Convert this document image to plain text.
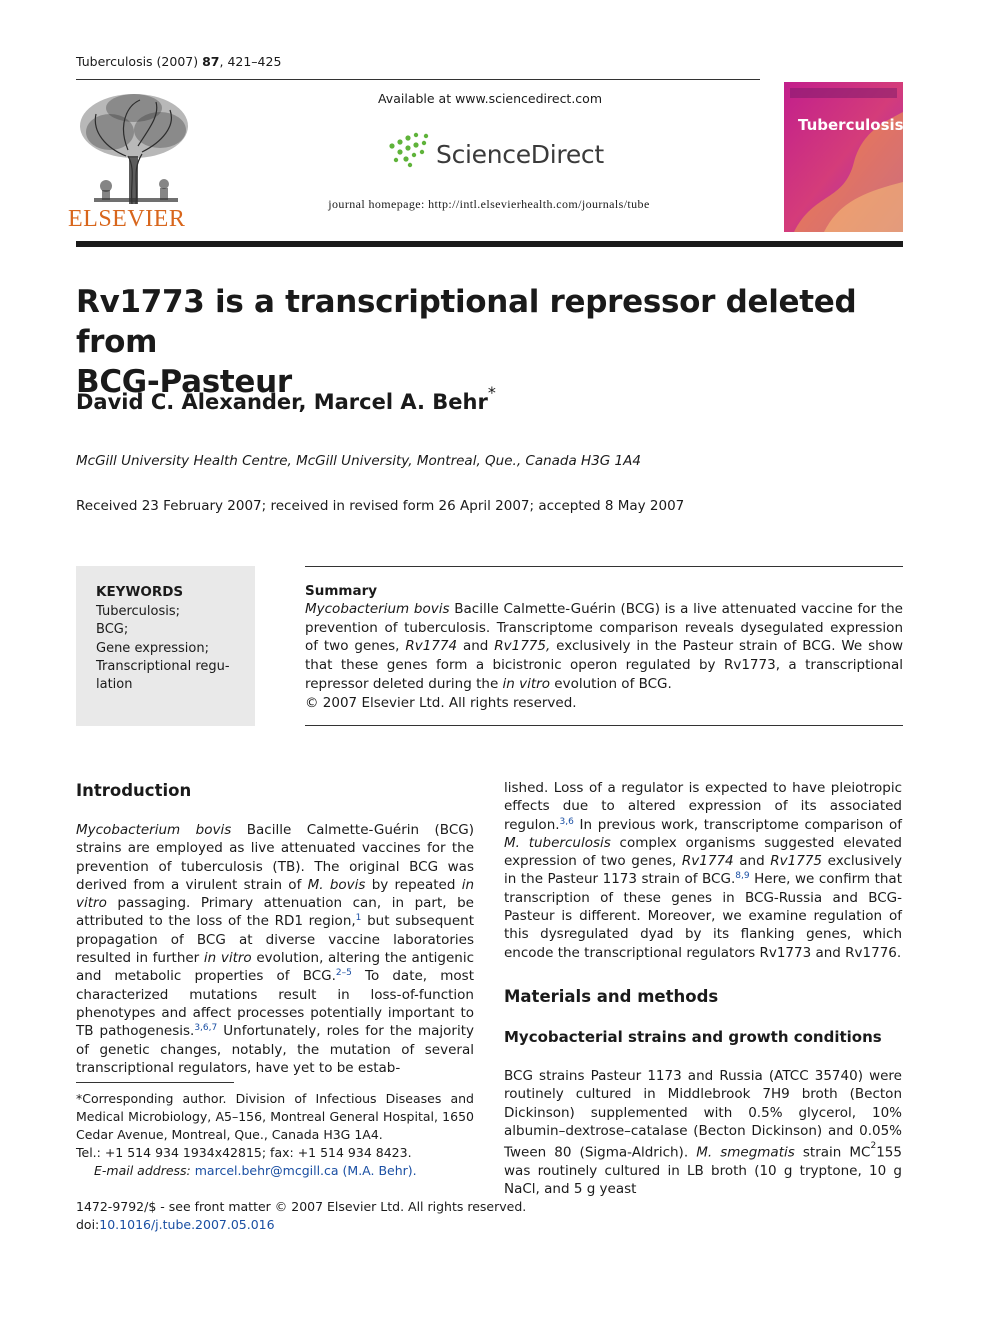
Tuberculosis (2007) 87, 421–425
ELSEVIER
Available at www.sciencedirect.com
ScienceDirect
journal homepage: http://intl.elsevierhealth.com/journals/tube
Tuberculosis
Rv1773 is a transcriptional repressor deleted from
BCG-Pasteur
David C. Alexander, Marcel A. Behr*
McGill University Health Centre, McGill University, Montreal, Que., Canada H3G 1A4
Received 23 February 2007; received in revised form 26 April 2007; accepted 8 May 2007
KEYWORDS
Tuberculosis;
BCG;
Gene expression;
Transcriptional regu-
lation
Summary
Mycobacterium bovis Bacille Calmette-Guérin (BCG) is a live attenuated vaccine for the prevention of tuberculosis. Transcriptome comparison reveals dysegulated expression of two genes, Rv1774 and Rv1775, exclusively in the Pasteur strain of BCG. We show that these genes form a bicistronic operon regulated by Rv1773, a transcriptional repressor deleted during the in vitro evolution of BCG.
© 2007 Elsevier Ltd. All rights reserved.
Introduction
Mycobacterium bovis Bacille Calmette-Guérin (BCG) strains are employed as live attenuated vaccines for the prevention of tuberculosis (TB). The original BCG was derived from a virulent strain of M. bovis by repeated in vitro passaging. Primary attenuation can, in part, be attributed to the loss of the RD1 region,$^1$ but subsequent propagation of BCG at diverse vaccine laboratories resulted in further in vitro evolution, altering the antigenic and metabolic properties of BCG.$^{2-5}$ To date, most characterized mutations result in loss-of-function phenotypes and affect processes potentially important to TB pathogenesis.$^{3,6,7}$ Unfortunately, roles for the majority of genetic changes, notably, the mutation of several transcriptional regulators, have yet to be estab-
lished. Loss of a regulator is expected to have pleiotropic effects due to altered expression of its associated regulon.$^{3,6}$ In previous work, transcriptome comparison of M. tuberculosis complex organisms suggested elevated expression of two genes, Rv1774 and Rv1775 exclusively in the Pasteur 1173 strain of BCG.$^{8,9}$ Here, we confirm that transcription of these genes in BCG-Russia and BCG-Pasteur is different. Moreover, we examine regulation of this dysregulated dyad by its flanking genes, which encode the transcriptional regulators Rv1773 and Rv1776.
Materials and methods
Mycobacterial strains and growth conditions
BCG strains Pasteur 1173 and Russia (ATCC 35740) were routinely cultured in Middlebrook 7H9 broth (Becton Dickinson) supplemented with 0.5% glycerol, 10% albumin–dextrose–catalase (Becton Dickinson) and 0.05% Tween 80 (Sigma-Aldrich). M. smegmatis strain $MC^2155$ was routinely cultured in LB broth (10 g tryptone, 10 g NaCl, and 5 g yeast
*Corresponding author. Division of Infectious Diseases and Medical Microbiology, A5–156, Montreal General Hospital, 1650 Cedar Avenue, Montreal, Que., Canada H3G 1A4.
Tel.: +1 514 934 1934x42815; fax: +1 514 934 8423.
E-mail address: marcel.behr@mcgill.ca (M.A. Behr).
1472-9792/$ - see front matter © 2007 Elsevier Ltd. All rights reserved.
doi:10.1016/j.tube.2007.05.016
